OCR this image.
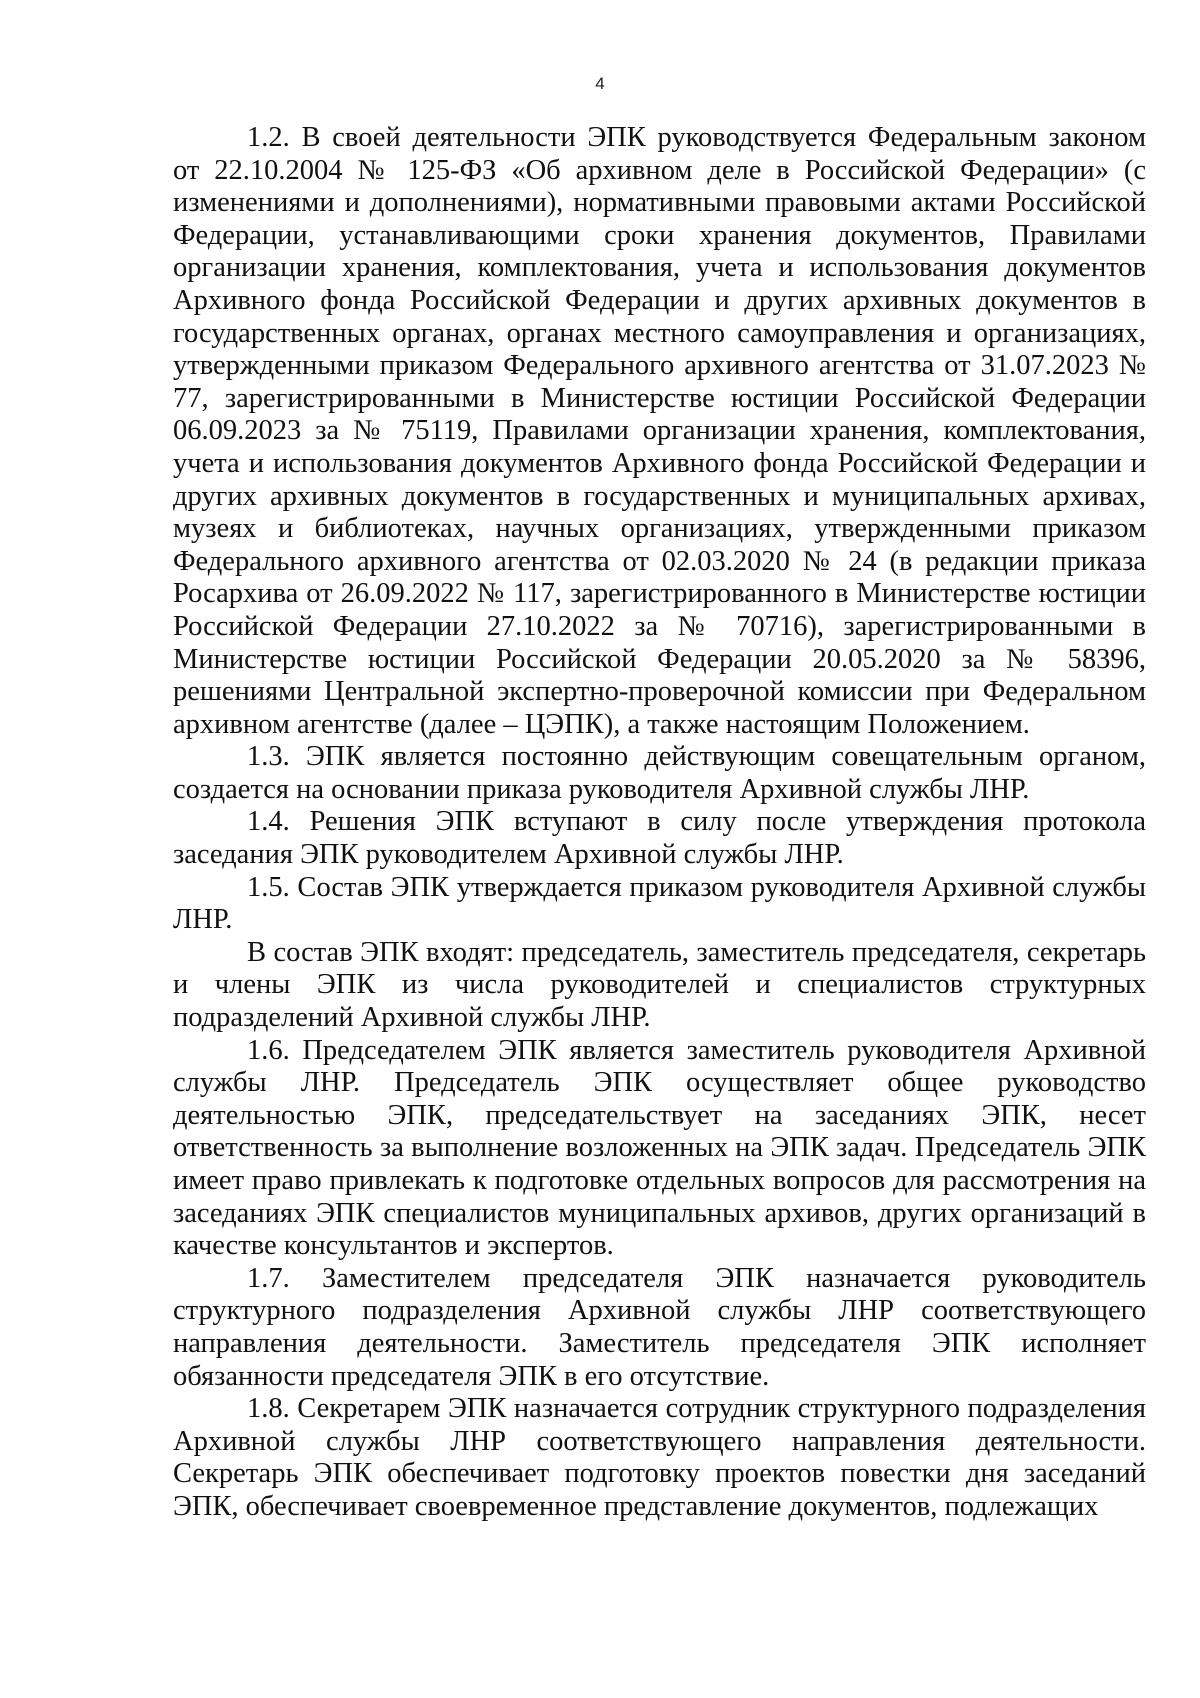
4

1.2. В своей деятельности ЭПК руководствуется Федеральным законом от 22.10.2004 № 125-ФЗ «Об архивном деле в Российской Федерации» (с изменениями и дополнениями), нормативными правовыми актами Российской Федерации, устанавливающими сроки хранения документов, Правилами организации хранения, комплектования, учета и использования документов Архивного фонда Российской Федерации и других архивных документов в государственных органах, органах местного самоуправления и организациях, утвержденными приказом Федерального архивного агентства от 31.07.2023 № 77, зарегистрированными в Министерстве юстиции Российской Федерации 06.09.2023 за № 75119, Правилами организации хранения, комплектования, учета и использования документов Архивного фонда Российской Федерации и других архивных документов в государственных и муниципальных архивах, музеях и библиотеках, научных организациях, утвержденными приказом Федерального архивного агентства от 02.03.2020 № 24 (в редакции приказа Росархива от 26.09.2022 № 117, зарегистрированного в Министерстве юстиции Российской Федерации 27.10.2022 за № 70716), зарегистрированными в Министерстве юстиции Российской Федерации 20.05.2020 за № 58396, решениями Центральной экспертно-проверочной комиссии при Федеральном архивном агентстве (далее – ЦЭПК), а также настоящим Положением.

1.3. ЭПК является постоянно действующим совещательным органом, создается на основании приказа руководителя Архивной службы ЛНР.

1.4. Решения ЭПК вступают в силу после утверждения протокола заседания ЭПК руководителем Архивной службы ЛНР.

1.5. Состав ЭПК утверждается приказом руководителя Архивной службы ЛНР.

В состав ЭПК входят: председатель, заместитель председателя, секретарь и члены ЭПК из числа руководителей и специалистов структурных подразделений Архивной службы ЛНР.

1.6. Председателем ЭПК является заместитель руководителя Архивной службы ЛНР. Председатель ЭПК осуществляет общее руководство деятельностью ЭПК, председательствует на заседаниях ЭПК, несет ответственность за выполнение возложенных на ЭПК задач. Председатель ЭПК имеет право привлекать к подготовке отдельных вопросов для рассмотрения на заседаниях ЭПК специалистов муниципальных архивов, других организаций в качестве консультантов и экспертов.

1.7. Заместителем председателя ЭПК назначается руководитель структурного подразделения Архивной службы ЛНР соответствующего направления деятельности. Заместитель председателя ЭПК исполняет обязанности председателя ЭПК в его отсутствие.

1.8. Секретарем ЭПК назначается сотрудник структурного подразделения Архивной службы ЛНР соответствующего направления деятельности. Секретарь ЭПК обеспечивает подготовку проектов повестки дня заседаний ЭПК, обеспечивает своевременное представление документов, подлежащих
